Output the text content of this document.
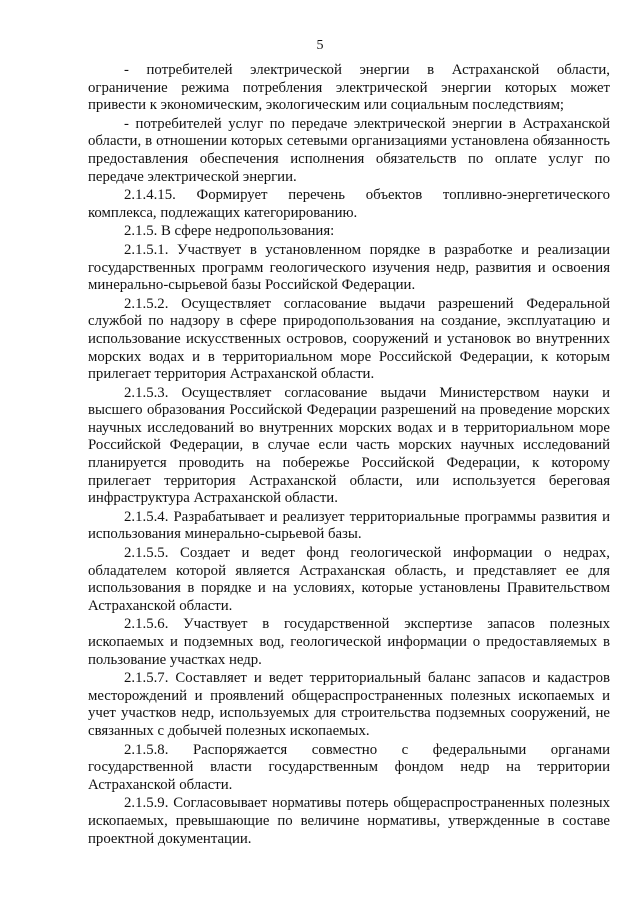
5

- потребителей электрической энергии в Астраханской области, ограничение режима потребления электрической энергии которых может привести к экономическим, экологическим или социальным последствиям;

- потребителей услуг по передаче электрической энергии в Астраханской области, в отношении которых сетевыми организациями установлена обязанность предоставления обеспечения исполнения обязательств по оплате услуг по передаче электрической энергии.

2.1.4.15. Формирует перечень объектов топливно-энергетического комплекса, подлежащих категорированию.

2.1.5. В сфере недропользования:

2.1.5.1. Участвует в установленном порядке в разработке и реализации государственных программ геологического изучения недр, развития и освоения минерально-сырьевой базы Российской Федерации.

2.1.5.2. Осуществляет согласование выдачи разрешений Федеральной службой по надзору в сфере природопользования на создание, эксплуатацию и использование искусственных островов, сооружений и установок во внутренних морских водах и в территориальном море Российской Федерации, к которым прилегает территория Астраханской области.

2.1.5.3. Осуществляет согласование выдачи Министерством науки и высшего образования Российской Федерации разрешений на проведение морских научных исследований во внутренних морских водах и в территориальном море Российской Федерации, в случае если часть морских научных исследований планируется проводить на побережье Российской Федерации, к которому прилегает территория Астраханской области, или используется береговая инфраструктура Астраханской области.

2.1.5.4. Разрабатывает и реализует территориальные программы развития и использования минерально-сырьевой базы.

2.1.5.5. Создает и ведет фонд геологической информации о недрах, обладателем которой является Астраханская область, и представляет ее для использования в порядке и на условиях, которые установлены Правительством Астраханской области.

2.1.5.6. Участвует в государственной экспертизе запасов полезных ископаемых и подземных вод, геологической информации о предоставляемых в пользование участках недр.

2.1.5.7. Составляет и ведет территориальный баланс запасов и кадастров месторождений и проявлений общераспространенных полезных ископаемых и учет участков недр, используемых для строительства подземных сооружений, не связанных с добычей полезных ископаемых.

2.1.5.8. Распоряжается совместно с федеральными органами государственной власти государственным фондом недр на территории Астраханской области.

2.1.5.9. Согласовывает нормативы потерь общераспространенных полезных ископаемых, превышающие по величине нормативы, утвержденные в составе проектной документации.
